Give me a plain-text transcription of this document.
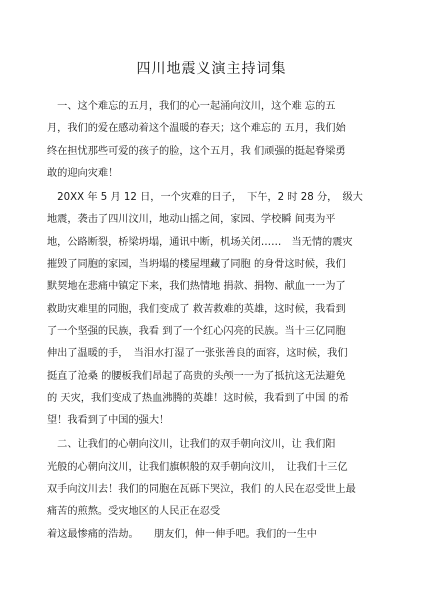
四川地震义演主持词集
　一、这个难忘的五月，我们的心一起涌向汶川，这个难 忘的五
月，我们的爱在感动着这个温暖的春天；这个难忘的 五月，我们始
终在担忧那些可爱的孩子的脸，这个五月，我 们顽强的挺起脊梁勇
敢的迎向灾难！
　20XX 年 5 月 12 日，一个灾难的日子，　下午，2 时 28 分，　级大
地震，袭击了四川汶川，地动山摇之间，家园、学校瞬 间夷为平
地，公路断裂，桥梁坍塌，通讯中断，机场关闭……　当无情的震灾
摧毁了同胞的家园，当坍塌的楼屋埋藏了同胞 的身骨这时候，我们
默契地在悲痛中镇定下来，我们热情地 捐款、捐物、献血一一为了
救助灾难里的同胞，我们变成了 救苦救难的英雄，这时候，我看到
了一个坚强的民族，我看 到了一个红心闪亮的民族。当十三亿同胞
伸出了温暖的手，　当泪水打湿了一张张善良的面容，这时候，我们
挺直了沧桑 的腰板我们昂起了高贵的头颅一一为了抵抗这无法避免
的 天灾，我们变成了热血沸腾的英雄！这时候，我看到了中国 的希
望！我看到了中国的强大！
　二、让我们的心朝向汶川，让我们的双手朝向汶川，让 我们阳
光般的心朝向汶川，让我们旗帜般的双手朝向汶川，　让我们十三亿
双手向汶川去！我们的同胞在瓦砾下哭泣，我们 的人民在忍受世上最
痛苦的煎熬。受灾地区的人民正在忍受
着这最惨痛的浩劫。　　朋友们，伸一伸手吧。我们的一生中
